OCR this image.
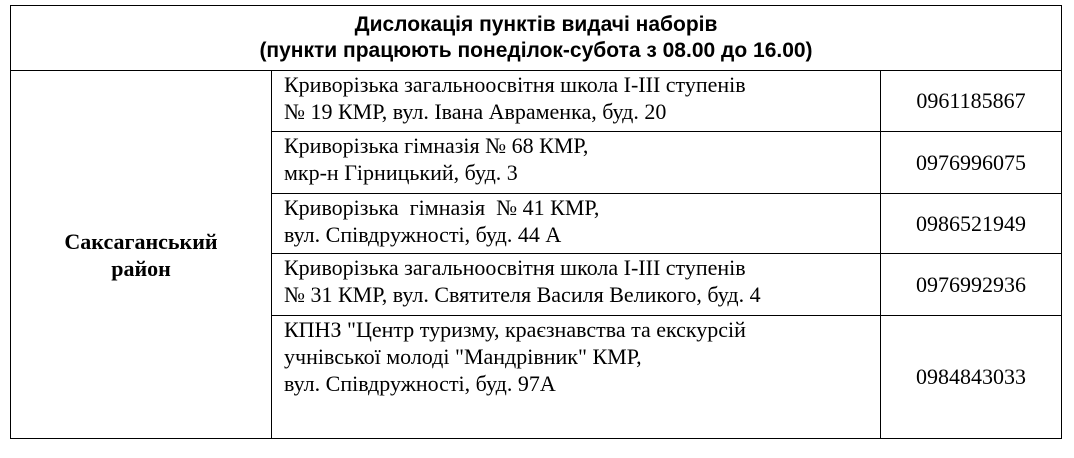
Дислокація пунктів видачі наборів
(пункти працюють понеділок-субота з 08.00 до 16.00)		

Саксаганський
район	Криворізька загальноосвітня школа І-ІІІ ступенів
№ 19 КМР, вул. Івана Авраменка, буд. 20	0961185867

	Криворізька гімназія № 68 КМР,
мкр-н Гірницький, буд. 3	0976996075

	Криворізька  гімназія  № 41 КМР,
вул. Співдружності, буд. 44 А	0986521949

	Криворізька загальноосвітня школа І-ІІІ ступенів
№ 31 КМР, вул. Святителя Василя Великого, буд. 4	0976992936

	КПНЗ "Центр туризму, краєзнавства та екскурсій
учнівської молоді "Мандрівник" КМР,
вул. Співдружності, буд. 97А	0984843033
